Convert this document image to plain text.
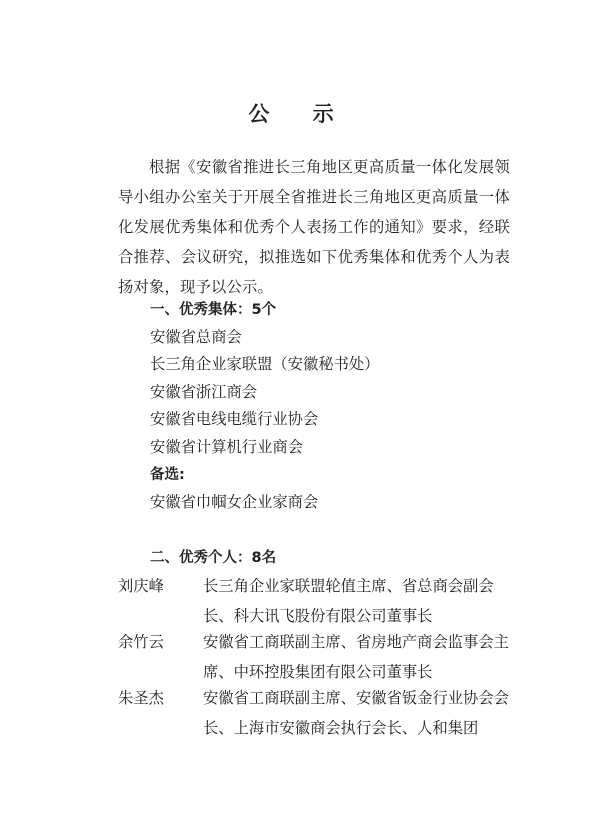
公 示
根据《安徽省推进长三角地区更高质量一体化发展领导小组办公室关于开展全省推进长三角地区更高质量一体化发展优秀集体和优秀个人表扬工作的通知》要求，经联合推荐、会议研究，拟推选如下优秀集体和优秀个人为表扬对象，现予以公示。
一、优秀集体：5个
安徽省总商会
长三角企业家联盟（安徽秘书处）
安徽省浙江商会
安徽省电线电缆行业协会
安徽省计算机行业商会
备选:
安徽省巾帼女企业家商会
二、优秀个人：8名
刘庆峰	长三角企业家联盟轮值主席、省总商会副会长、科大讯飞股份有限公司董事长
余竹云	安徽省工商联副主席、省房地产商会监事会主席、中环控股集团有限公司董事长
朱圣杰	安徽省工商联副主席、安徽省钣金行业协会会长、上海市安徽商会执行会长、人和集团
